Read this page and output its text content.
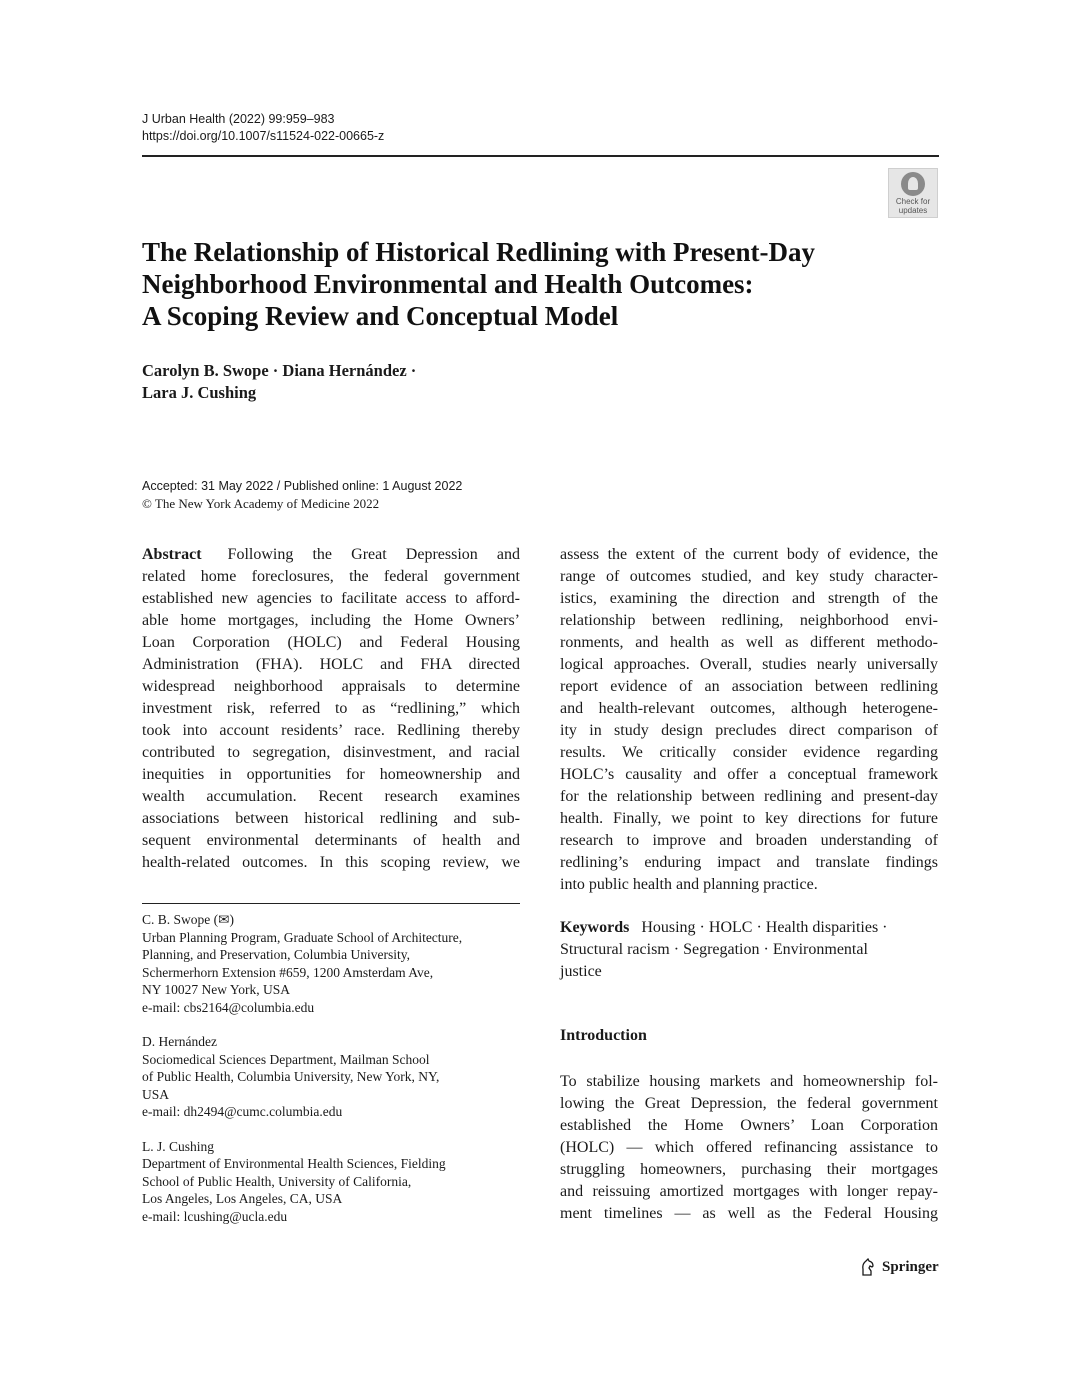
J Urban Health (2022) 99:959–983
https://doi.org/10.1007/s11524-022-00665-z
Check for
updates
The Relationship of Historical Redlining with Present-Day
Neighborhood Environmental and Health Outcomes:
A Scoping Review and Conceptual Model
Carolyn B. Swope · Diana Hernández ·
Lara J. Cushing
Accepted: 31 May 2022 / Published online: 1 August 2022
© The New York Academy of Medicine 2022
Abstract Following the Great Depression and
related home foreclosures, the federal government
established new agencies to facilitate access to afford-
able home mortgages, including the Home Owners’
Loan Corporation (HOLC) and Federal Housing
Administration (FHA). HOLC and FHA directed
widespread neighborhood appraisals to determine
investment risk, referred to as “redlining,” which
took into account residents’ race. Redlining thereby
contributed to segregation, disinvestment, and racial
inequities in opportunities for homeownership and
wealth accumulation. Recent research examines
associations between historical redlining and sub-
sequent environmental determinants of health and
health-related outcomes. In this scoping review, we
assess the extent of the current body of evidence, the
range of outcomes studied, and key study character-
istics, examining the direction and strength of the
relationship between redlining, neighborhood envi-
ronments, and health as well as different methodo-
logical approaches. Overall, studies nearly universally
report evidence of an association between redlining
and health-relevant outcomes, although heterogene-
ity in study design precludes direct comparison of
results. We critically consider evidence regarding
HOLC’s causality and offer a conceptual framework
for the relationship between redlining and present-day
health. Finally, we point to key directions for future
research to improve and broaden understanding of
redlining’s enduring impact and translate findings
into public health and planning practice.
C. B. Swope (✉)
Urban Planning Program, Graduate School of Architecture,
Planning, and Preservation, Columbia University,
Schermerhorn Extension #659, 1200 Amsterdam Ave,
NY 10027 New York, USA
e-mail: cbs2164@columbia.edu
D. Hernández
Sociomedical Sciences Department, Mailman School
of Public Health, Columbia University, New York, NY,
USA
e-mail: dh2494@cumc.columbia.edu
L. J. Cushing
Department of Environmental Health Sciences, Fielding
School of Public Health, University of California,
Los Angeles, Los Angeles, CA, USA
e-mail: lcushing@ucla.edu
Keywords Housing · HOLC · Health disparities ·
Structural racism · Segregation · Environmental
justice
Introduction
To stabilize housing markets and homeownership fol-
lowing the Great Depression, the federal government
established the Home Owners’ Loan Corporation
(HOLC) — which offered refinancing assistance to
struggling homeowners, purchasing their mortgages
and reissuing amortized mortgages with longer repay-
ment timelines — as well as the Federal Housing
Springer
